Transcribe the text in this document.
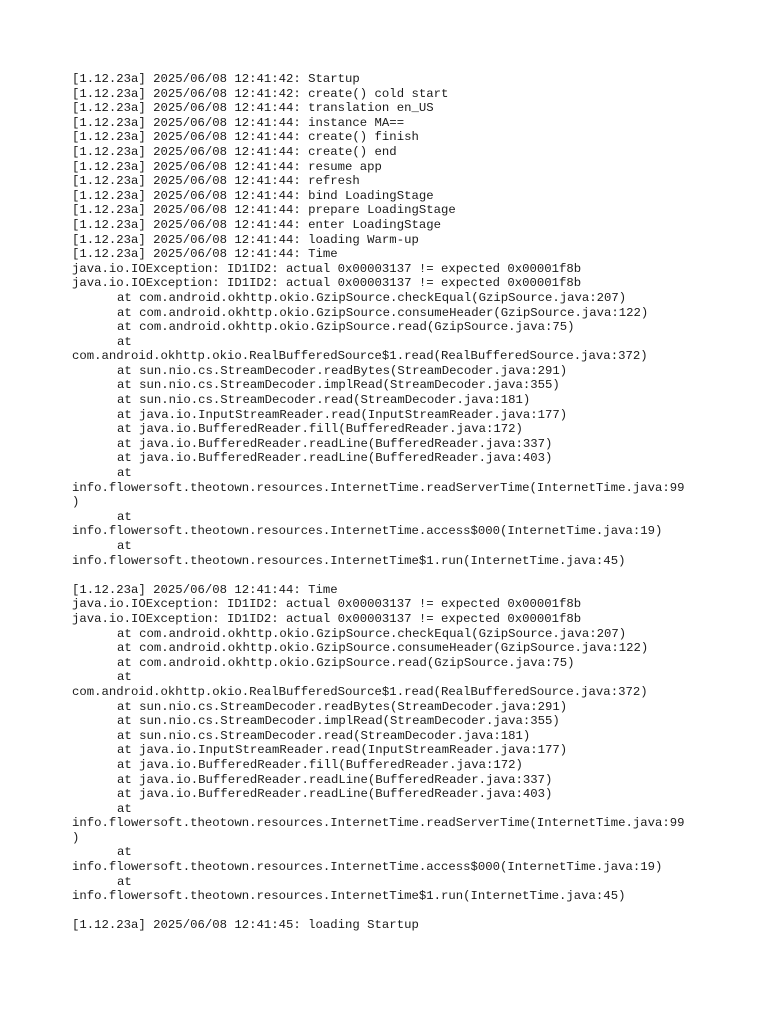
[1.12.23a] 2025/06/08 12:41:42: Startup
[1.12.23a] 2025/06/08 12:41:42: create() cold start
[1.12.23a] 2025/06/08 12:41:44: translation en_US
[1.12.23a] 2025/06/08 12:41:44: instance MA==
[1.12.23a] 2025/06/08 12:41:44: create() finish
[1.12.23a] 2025/06/08 12:41:44: create() end
[1.12.23a] 2025/06/08 12:41:44: resume app
[1.12.23a] 2025/06/08 12:41:44: refresh
[1.12.23a] 2025/06/08 12:41:44: bind LoadingStage
[1.12.23a] 2025/06/08 12:41:44: prepare LoadingStage
[1.12.23a] 2025/06/08 12:41:44: enter LoadingStage
[1.12.23a] 2025/06/08 12:41:44: loading Warm-up
[1.12.23a] 2025/06/08 12:41:44: Time
java.io.IOException: ID1ID2: actual 0x00003137 != expected 0x00001f8b
java.io.IOException: ID1ID2: actual 0x00003137 != expected 0x00001f8b
at com.android.okhttp.okio.GzipSource.checkEqual(GzipSource.java:207)
at com.android.okhttp.okio.GzipSource.consumeHeader(GzipSource.java:122)
at com.android.okhttp.okio.GzipSource.read(GzipSource.java:75)
at
com.android.okhttp.okio.RealBufferedSource$1.read(RealBufferedSource.java:372)
at sun.nio.cs.StreamDecoder.readBytes(StreamDecoder.java:291)
at sun.nio.cs.StreamDecoder.implRead(StreamDecoder.java:355)
at sun.nio.cs.StreamDecoder.read(StreamDecoder.java:181)
at java.io.InputStreamReader.read(InputStreamReader.java:177)
at java.io.BufferedReader.fill(BufferedReader.java:172)
at java.io.BufferedReader.readLine(BufferedReader.java:337)
at java.io.BufferedReader.readLine(BufferedReader.java:403)
at
info.flowersoft.theotown.resources.InternetTime.readServerTime(InternetTime.java:99
)
at
info.flowersoft.theotown.resources.InternetTime.access$000(InternetTime.java:19)
at
info.flowersoft.theotown.resources.InternetTime$1.run(InternetTime.java:45)
[1.12.23a] 2025/06/08 12:41:44: Time
java.io.IOException: ID1ID2: actual 0x00003137 != expected 0x00001f8b
java.io.IOException: ID1ID2: actual 0x00003137 != expected 0x00001f8b
at com.android.okhttp.okio.GzipSource.checkEqual(GzipSource.java:207)
at com.android.okhttp.okio.GzipSource.consumeHeader(GzipSource.java:122)
at com.android.okhttp.okio.GzipSource.read(GzipSource.java:75)
at
com.android.okhttp.okio.RealBufferedSource$1.read(RealBufferedSource.java:372)
at sun.nio.cs.StreamDecoder.readBytes(StreamDecoder.java:291)
at sun.nio.cs.StreamDecoder.implRead(StreamDecoder.java:355)
at sun.nio.cs.StreamDecoder.read(StreamDecoder.java:181)
at java.io.InputStreamReader.read(InputStreamReader.java:177)
at java.io.BufferedReader.fill(BufferedReader.java:172)
at java.io.BufferedReader.readLine(BufferedReader.java:337)
at java.io.BufferedReader.readLine(BufferedReader.java:403)
at
info.flowersoft.theotown.resources.InternetTime.readServerTime(InternetTime.java:99
)
at
info.flowersoft.theotown.resources.InternetTime.access$000(InternetTime.java:19)
at
info.flowersoft.theotown.resources.InternetTime$1.run(InternetTime.java:45)
[1.12.23a] 2025/06/08 12:41:45: loading Startup
